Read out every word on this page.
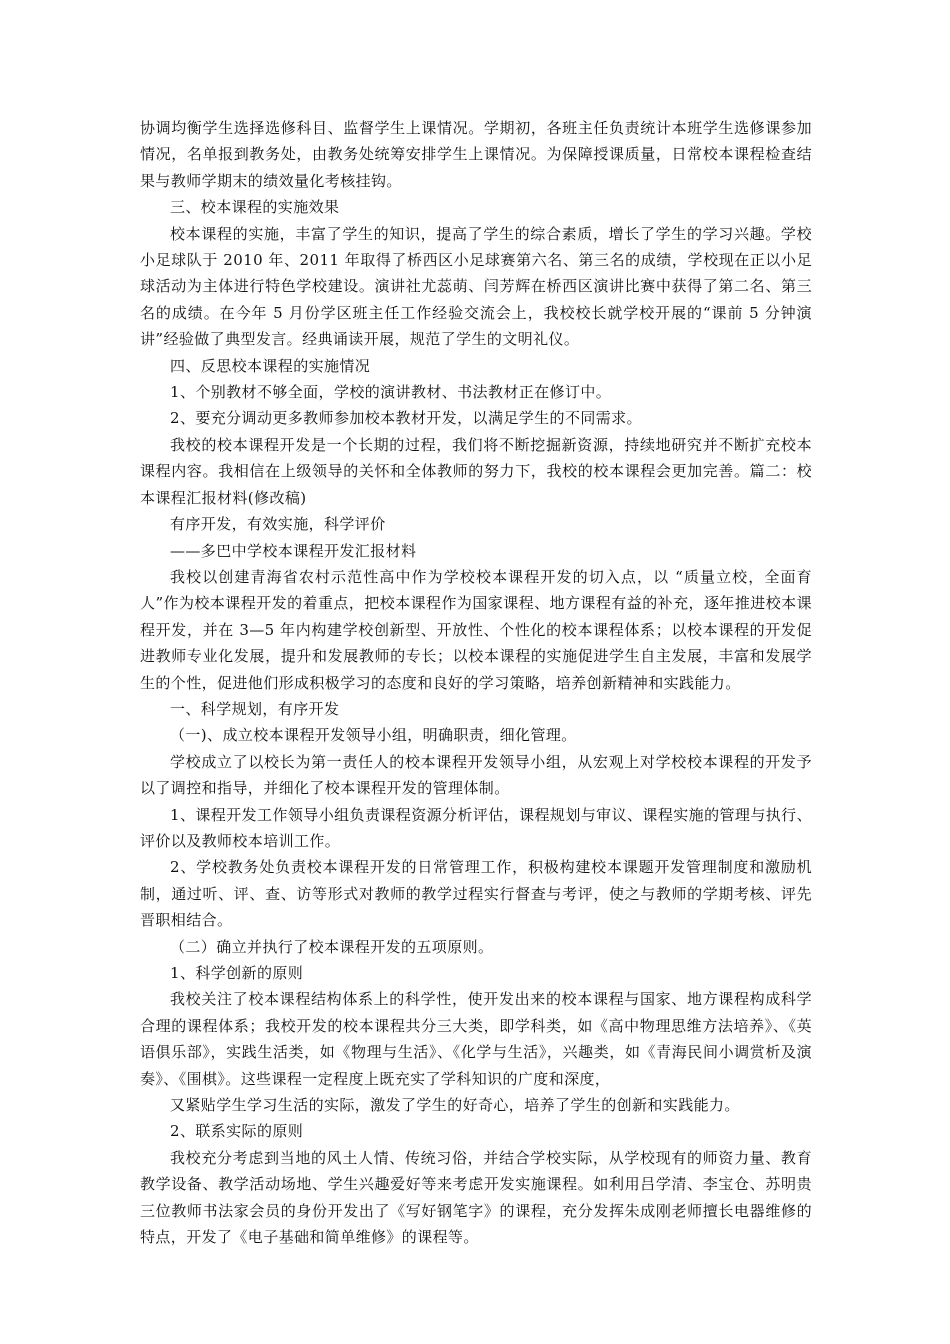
协调均衡学生选择选修科目、监督学生上课情况。学期初，各班主任负责统计本班学生选修课参加情况，名单报到教务处，由教务处统筹安排学生上课情况。为保障授课质量，日常校本课程检查结果与教师学期末的绩效量化考核挂钩。

三、校本课程的实施效果

校本课程的实施，丰富了学生的知识，提高了学生的综合素质，增长了学生的学习兴趣。学校小足球队于 2010 年、2011 年取得了桥西区小足球赛第六名、第三名的成绩，学校现在正以小足球活动为主体进行特色学校建设。演讲社尤蕊萌、闫芳辉在桥西区演讲比赛中获得了第二名、第三名的成绩。在今年 5 月份学区班主任工作经验交流会上，我校校长就学校开展的“课前 5 分钟演讲”经验做了典型发言。经典诵读开展，规范了学生的文明礼仪。

四、反思校本课程的实施情况

1、个别教材不够全面，学校的演讲教材、书法教材正在修订中。

2、要充分调动更多教师参加校本教材开发，以满足学生的不同需求。

我校的校本课程开发是一个长期的过程，我们将不断挖掘新资源，持续地研究并不断扩充校本课程内容。我相信在上级领导的关怀和全体教师的努力下，我校的校本课程会更加完善。篇二：校本课程汇报材料(修改稿)

有序开发，有效实施，科学评价

——多巴中学校本课程开发汇报材料

我校以创建青海省农村示范性高中作为学校校本课程开发的切入点，以 “质量立校，全面育人”作为校本课程开发的着重点，把校本课程作为国家课程、地方课程有益的补充，逐年推进校本课程开发，并在 3—5 年内构建学校创新型、开放性、个性化的校本课程体系；以校本课程的开发促进教师专业化发展，提升和发展教师的专长；以校本课程的实施促进学生自主发展，丰富和发展学生的个性，促进他们形成积极学习的态度和良好的学习策略，培养创新精神和实践能力。

一、科学规划，有序开发

（一)、成立校本课程开发领导小组，明确职责，细化管理。

学校成立了以校长为第一责任人的校本课程开发领导小组，从宏观上对学校校本课程的开发予以了调控和指导，并细化了校本课程开发的管理体制。

1、课程开发工作领导小组负责课程资源分析评估，课程规划与审议、课程实施的管理与执行、评价以及教师校本培训工作。

2、学校教务处负责校本课程开发的日常管理工作，积极构建校本课题开发管理制度和激励机制，通过听、评、查、访等形式对教师的教学过程实行督查与考评，使之与教师的学期考核、评先晋职相结合。

（二）确立并执行了校本课程开发的五项原则。

1、科学创新的原则

我校关注了校本课程结构体系上的科学性，使开发出来的校本课程与国家、地方课程构成科学合理的课程体系；我校开发的校本课程共分三大类，即学科类，如《高中物理思维方法培养》、《英语俱乐部》，实践生活类，如《物理与生活》、《化学与生活》，兴趣类，如《青海民间小调赏析及演奏》、《围棋》。这些课程一定程度上既充实了学科知识的广度和深度，

又紧贴学生学习生活的实际，激发了学生的好奇心，培养了学生的创新和实践能力。

2、联系实际的原则

我校充分考虑到当地的风土人情、传统习俗，并结合学校实际，从学校现有的师资力量、教育教学设备、教学活动场地、学生兴趣爱好等来考虑开发实施课程。如利用吕学清、李宝仓、苏明贵三位教师书法家会员的身份开发出了《写好钢笔字》的课程，充分发挥朱成刚老师擅长电器维修的特点，开发了《电子基础和简单维修》的课程等。
